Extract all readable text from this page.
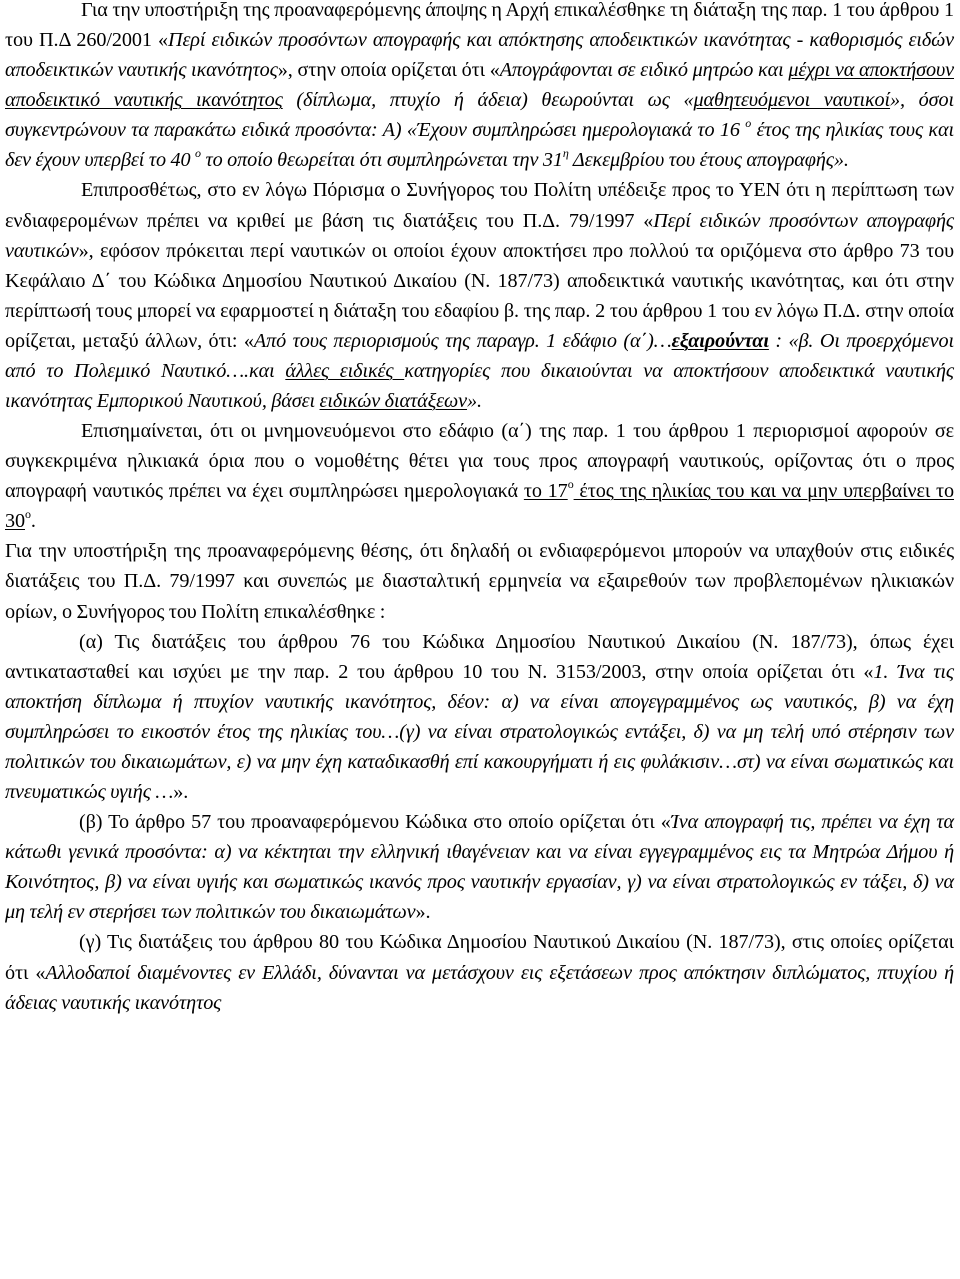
Για την υποστήριξη της προαναφερόμενης άποψης η Αρχή επικαλέσθηκε τη διάταξη της παρ. 1 του άρθρου 1 του Π.Δ 260/2001 «Περί ειδικών προσόντων απογραφής και απόκτησης αποδεικτικών ικανότητας - καθορισμός ειδών αποδεικτικών ναυτικής ικανότητος», στην οποία ορίζεται ότι «Απογράφονται σε ειδικό μητρώο και μέχρι να αποκτήσουν αποδεικτικό ναυτικής ικανότητος (δίπλωμα, πτυχίο ή άδεια) θεωρούνται ως «μαθητευόμενοι ναυτικοί», όσοι συγκεντρώνουν τα παρακάτω ειδικά προσόντα: Α) «Έχουν συμπληρώσει ημερολογιακά το 16 $^o$ έτος της ηλικίας τους και δεν έχουν υπερβεί το 40 $^o$ το οποίο θεωρείται ότι συμπληρώνεται την $31^\eta$ Δεκεμβρίου του έτους απογραφής».

Επιπροσθέτως, στο εν λόγω Πόρισμα ο Συνήγορος του Πολίτη υπέδειξε προς το ΥΕΝ ότι η περίπτωση των ενδιαφερομένων πρέπει να κριθεί με βάση τις διατάξεις του Π.Δ. 79/1997 «Περί ειδικών προσόντων απογραφής ναυτικών», εφόσον πρόκειται περί ναυτικών οι οποίοι έχουν αποκτήσει προ πολλού τα οριζόμενα στο άρθρο 73 του Κεφάλαιο Δ΄ του Κώδικα Δημοσίου Ναυτικού Δικαίου (Ν. 187/73) αποδεικτικά ναυτικής ικανότητας, και ότι στην περίπτωσή τους μπορεί να εφαρμοστεί η διάταξη του εδαφίου β. της παρ. 2 του άρθρου 1 του εν λόγω Π.Δ. στην οποία ορίζεται, μεταξύ άλλων, ότι: «Από τους περιορισμούς της παραγρ. 1 εδάφιο (α΄)…εξαιρούνται : «β. Οι προερχόμενοι από το Πολεμικό Ναυτικό….και άλλες ειδικές κατηγορίες που δικαιούνται να αποκτήσουν αποδεικτικά ναυτικής ικανότητας Εμπορικού Ναυτικού, βάσει ειδικών διατάξεων».

Επισημαίνεται, ότι οι μνημονευόμενοι στο εδάφιο (α΄) της παρ. 1 του άρθρου 1 περιορισμοί αφορούν σε συγκεκριμένα ηλικιακά όρια που ο νομοθέτης θέτει για τους προς απογραφή ναυτικούς, ορίζοντας ότι ο προς απογραφή ναυτικός πρέπει να έχει συμπληρώσει ημερολογιακά το $17^o$ έτος της ηλικίας του και να μην υπερβαίνει το $30^o$.

Για την υποστήριξη της προαναφερόμενης θέσης, ότι δηλαδή οι ενδιαφερόμενοι μπορούν να υπαχθούν στις ειδικές διατάξεις του Π.Δ. 79/1997 και συνεπώς με διασταλτική ερμηνεία να εξαιρεθούν των προβλεπομένων ηλικιακών ορίων, ο Συνήγορος του Πολίτη επικαλέσθηκε :

(α) Τις διατάξεις του άρθρου 76 του Κώδικα Δημοσίου Ναυτικού Δικαίου (Ν. 187/73), όπως έχει αντικατασταθεί και ισχύει με την παρ. 2 του άρθρου 10 του Ν. 3153/2003, στην οποία ορίζεται ότι «1. Ίνα τις αποκτήση δίπλωμα ή πτυχίον ναυτικής ικανότητος, δέον: α) να είναι απογεγραμμένος ως ναυτικός, β) να έχη συμπληρώσει το εικοστόν έτος της ηλικίας του…(γ) να είναι στρατολογικώς εντάξει, δ) να μη τελή υπό στέρησιν των πολιτικών του δικαιωμάτων, ε) να μην έχη καταδικασθή επί κακουργήματι ή εις φυλάκισιν…στ) να είναι σωματικώς και πνευματικώς υγιής …».

(β) Το άρθρο 57 του προαναφερόμενου Κώδικα στο οποίο ορίζεται ότι «Ίνα απογραφή τις, πρέπει να έχη τα κάτωθι γενικά προσόντα: α) να κέκτηται την ελληνική ιθαγένειαν και να είναι εγγεγραμμένος εις τα Μητρώα Δήμου ή Κοινότητος, β) να είναι υγιής και σωματικώς ικανός προς ναυτικήν εργασίαν, γ) να είναι στρατολογικώς εν τάξει, δ) να μη τελή εν στερήσει των πολιτικών του δικαιωμάτων».

(γ) Τις διατάξεις του άρθρου 80 του Κώδικα Δημοσίου Ναυτικού Δικαίου (Ν. 187/73), στις οποίες ορίζεται ότι «Αλλοδαποί διαμένοντες εν Ελλάδι, δύνανται να μετάσχουν εις εξετάσεων προς απόκτησιν διπλώματος, πτυχίου ή άδειας ναυτικής ικανότητος
